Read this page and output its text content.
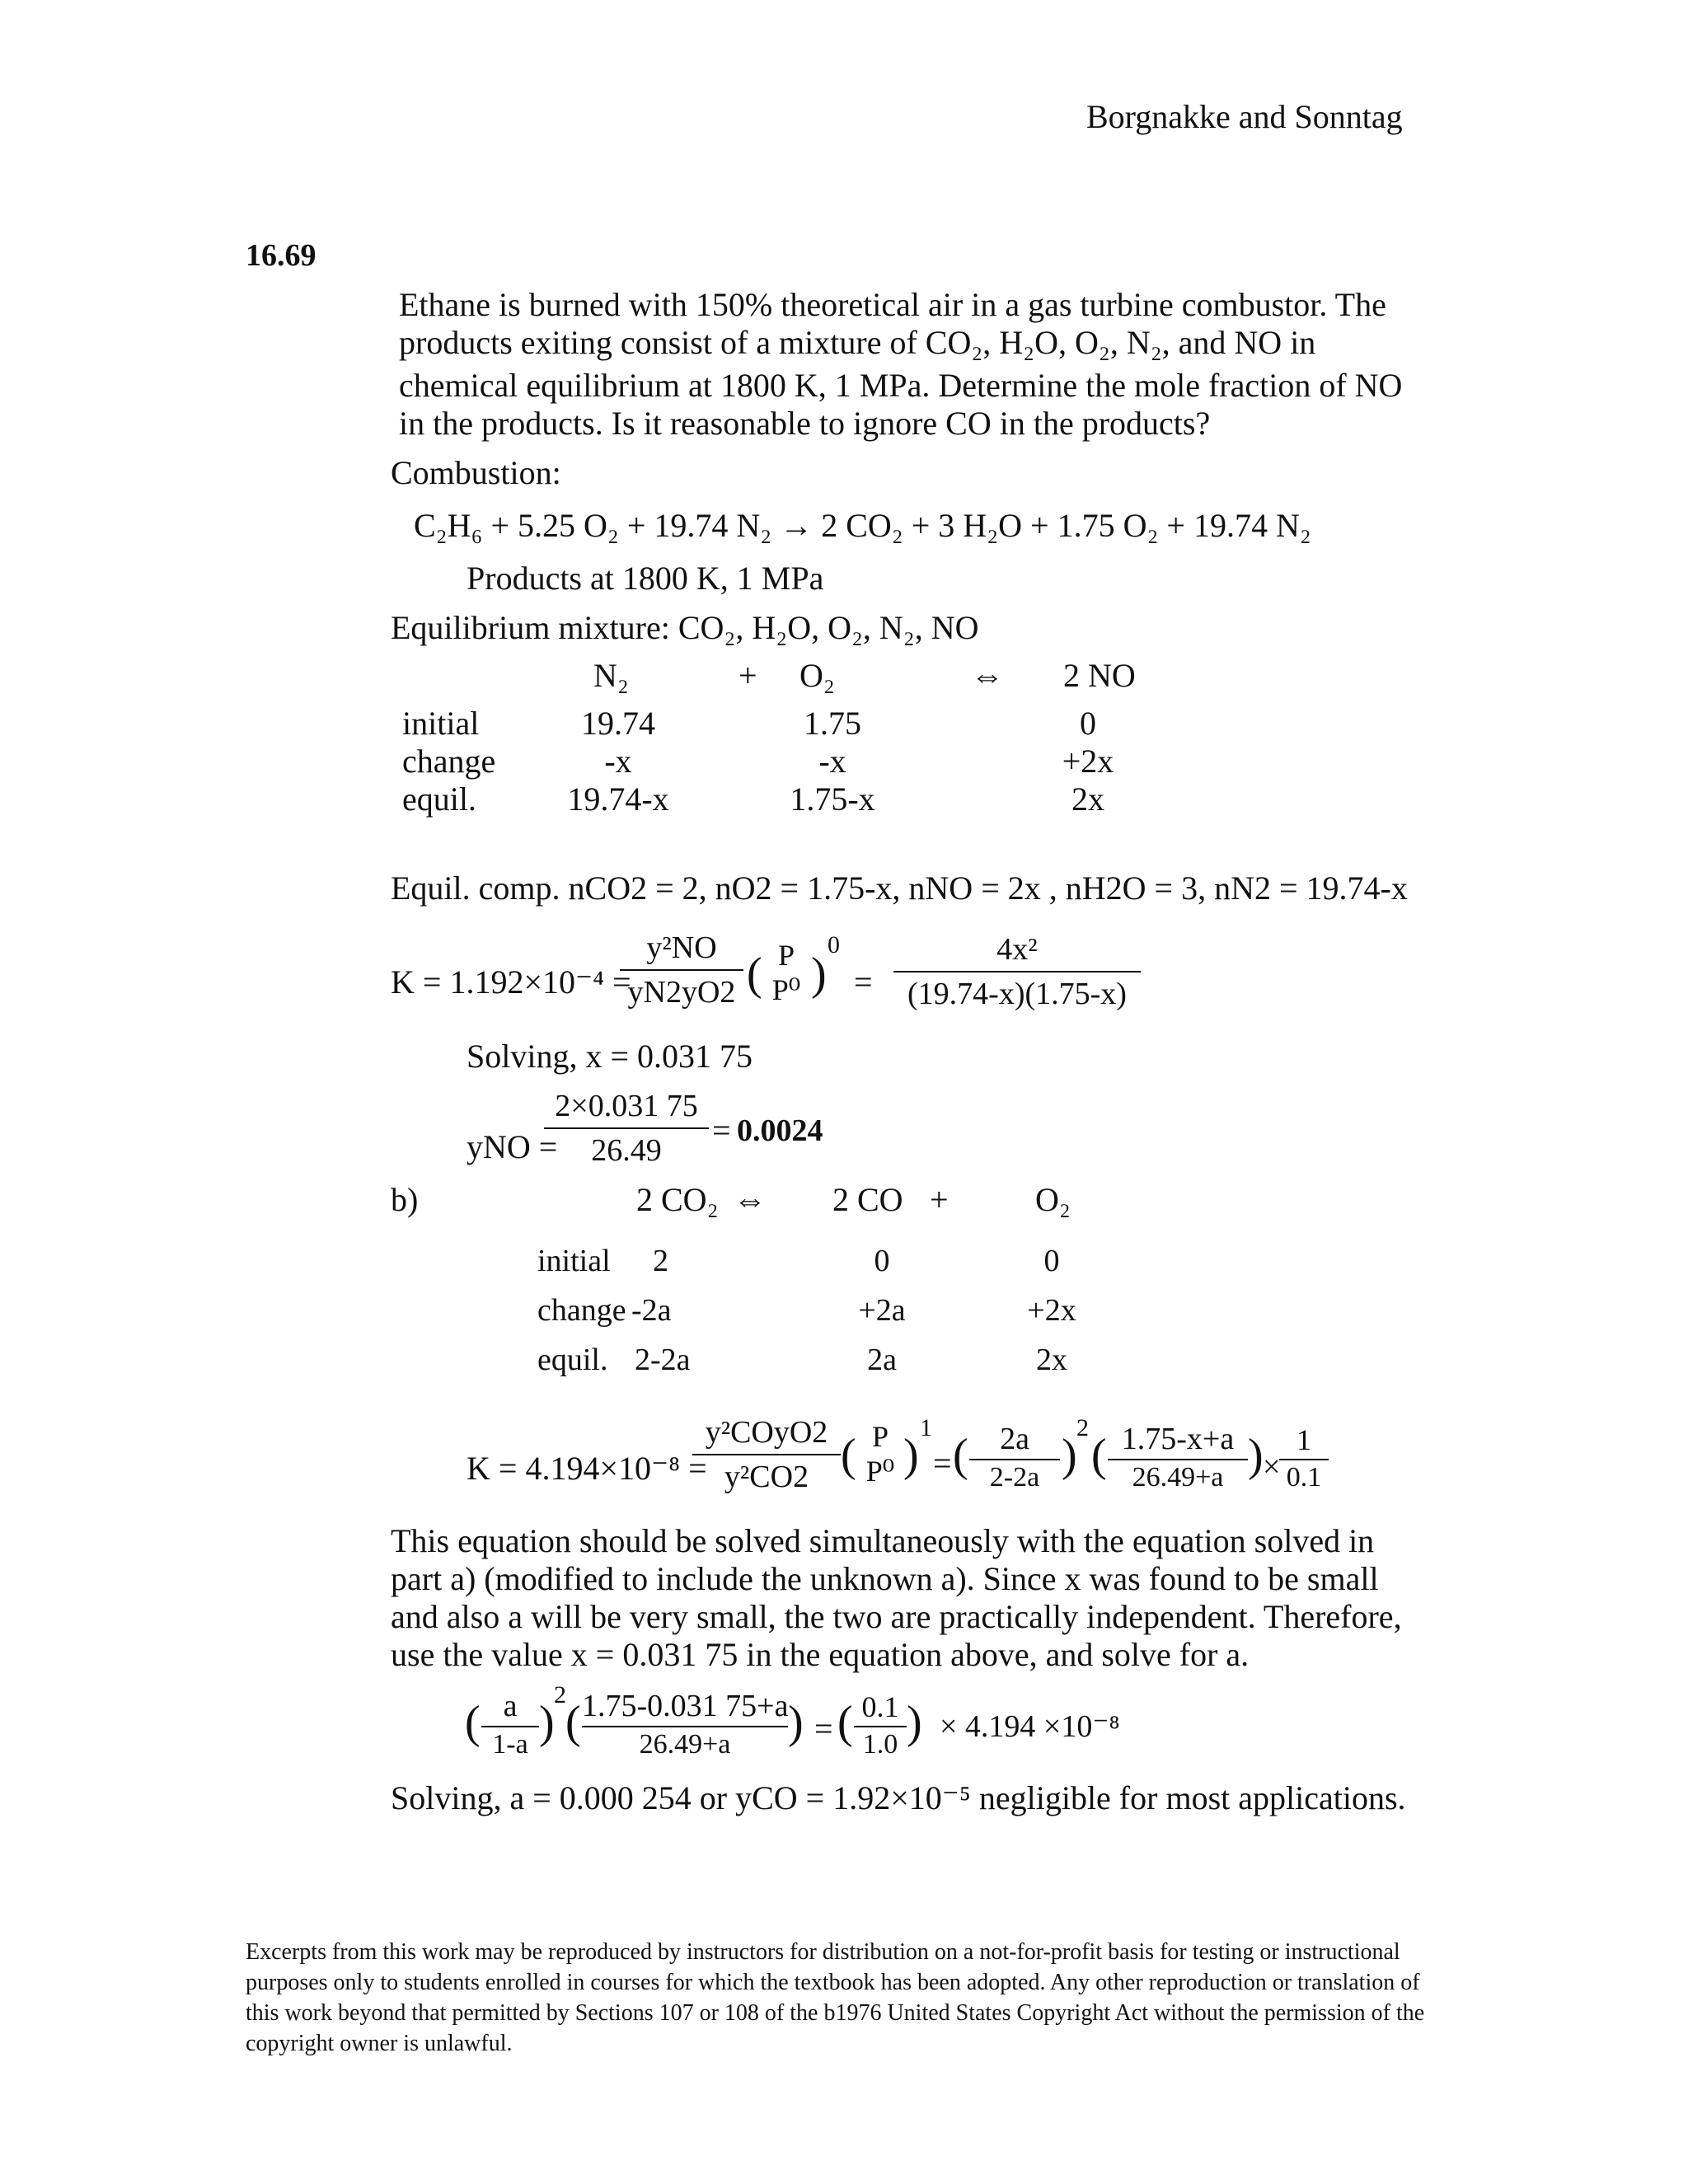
Borgnakke and Sonntag
16.69
Ethane is burned with 150% theoretical air in a gas turbine combustor. The
products exiting consist of a mixture of CO₂, H₂O, O₂, N₂, and NO in
chemical equilibrium at 1800 K, 1 MPa. Determine the mole fraction of NO
in the products. Is it reasonable to ignore CO in the products?
Combustion:
C₂H₆ + 5.25 O₂ + 19.74 N₂ → 2 CO₂ + 3 H₂O + 1.75 O₂ + 19.74 N₂
Products at 1800 K, 1 MPa
Equilibrium mixture: CO₂, H₂O, O₂, N₂, NO
N₂	+ O₂	⇔ 2 NO
initial	19.74	1.75	0
change	-x	-x	+2x
equil.	19.74-x	1.75-x	2x
Equil. comp. nCO2 = 2, nO2 = 1.75-x, nNO = 2x , nH2O = 3, nN2 = 19.74-x
K = 1.192×10⁻⁴ =
y²NO
yN2yO2 ( P
P⁰ )
0
=
4x²
(19.74-x)(1.75-x)
Solving, x = 0.031 75
yNO =
2×0.031 75
26.49
= 0.0024
b)	2 CO₂ ⇔ 2 CO +	O₂
initial 2	0	0
change -2a	+2a	+2x
equil. 2-2a	2a	2x
K = 4.194×10⁻⁸ =
y²COyO2
y²CO2 ( P
P⁰ )
1
= (	2a
2-2a )
2
( 1.75-x+a
26.49+a ) ×
1
0.1
This equation should be solved simultaneously with the equation solved in
part a) (modified to include the unknown a). Since x was found to be small
and also a will be very small, the two are practically independent. Therefore,
use the value x = 0.031 75 in the equation above, and solve for a.
( a
1-a )
2
( 1.75-0.031 75+a
26.49+a	) = ( 0.1
1.0 ) × 4.194 ×10⁻⁸
Solving, a = 0.000 254 or yCO = 1.92×10⁻⁵ negligible for most applications.
Excerpts from this work may be reproduced by instructors for distribution on a not-for-profit basis for testing or instructional purposes only to students enrolled in courses for which the textbook has been adopted. Any other reproduction or translation of this work beyond that permitted by Sections 107 or 108 of the b1976 United States Copyright Act without the permission of the copyright owner is unlawful.
